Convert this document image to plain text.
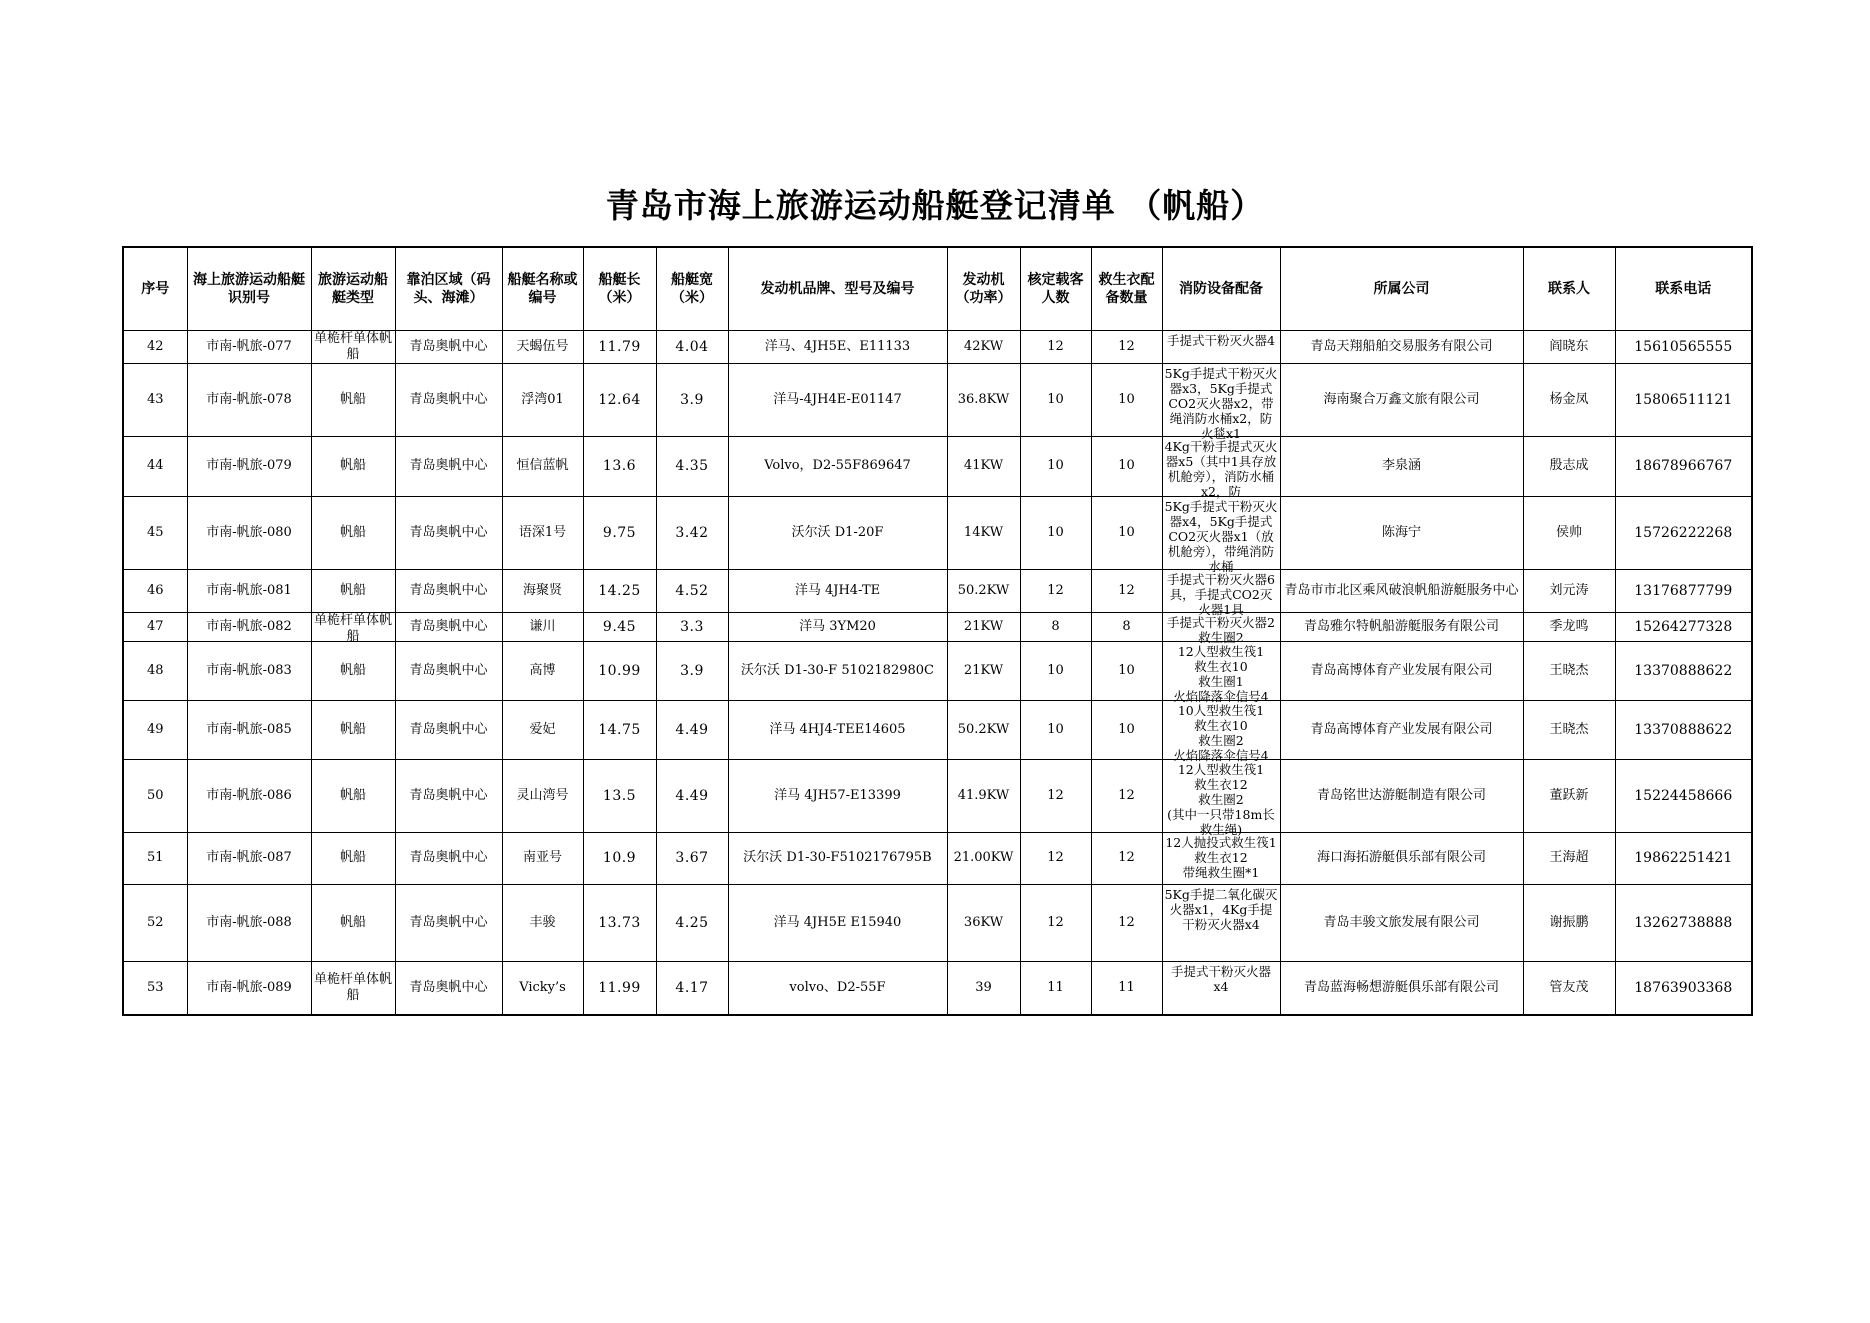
青岛市海上旅游运动船艇登记清单 （帆船）
序号	海上旅游运动船艇识别号	旅游运动船艇类型	靠泊区域（码头、海滩）	船艇名称或编号	船艇长（米）	船艇宽（米）	发动机品牌、型号及编号	发动机（功率）	核定载客人数	救生衣配备数量	消防设备配备	所属公司	联系人	联系电话

42	市南-帆旅-077	单桅杆单体帆船	青岛奥帆中心	天蝎伍号	11.79	4.04	洋马、4JH5E、E11133	42KW	12	12	手提式干粉灭火器4	青岛天翔船舶交易服务有限公司	阎晓东	15610565555

43	市南-帆旅-078	帆船	青岛奥帆中心	浮湾01	12.64	3.9	洋马-4JH4E-E01147	36.8KW	10	10	5Kg手提式干粉灭火器x3，5Kg手提式CO2灭火器x2，带绳消防水桶x2，防火毯x1	海南聚合万鑫文旅有限公司	杨金凤	15806511121

44	市南-帆旅-079	帆船	青岛奥帆中心	恒信蓝帆	13.6	4.35	Volvo，D2-55F869647	41KW	10	10	4Kg干粉手提式灭火器x5（其中1具存放机舱旁），消防水桶x2，防	李泉涵	殷志成	18678966767

45	市南-帆旅-080	帆船	青岛奥帆中心	语深1号	9.75	3.42	沃尔沃 D1-20F	14KW	10	10	5Kg手提式干粉灭火器x4，5Kg手提式CO2灭火器x1（放机舱旁），带绳消防水桶	陈海宁	侯帅	15726222268

46	市南-帆旅-081	帆船	青岛奥帆中心	海聚贤	14.25	4.52	洋马 4JH4-TE	50.2KW	12	12	手提式干粉灭火器6具，手提式CO2灭火器1具	青岛市市北区乘风破浪帆船游艇服务中心	刘元涛	13176877799

47	市南-帆旅-082	单桅杆单体帆船	青岛奥帆中心	谦川	9.45	3.3	洋马 3YM20	21KW	8	8	手提式干粉灭火器2救生圈2	青岛雅尔特帆船游艇服务有限公司	季龙鸣	15264277328

48	市南-帆旅-083	帆船	青岛奥帆中心	高博	10.99	3.9	沃尔沃 D1-30-F 5102182980C	21KW	10	10	12人型救生筏1
救生衣10
救生圈1
火焰降落伞信号4	青岛高博体育产业发展有限公司	王晓杰	13370888622

49	市南-帆旅-085	帆船	青岛奥帆中心	爱妃	14.75	4.49	洋马 4HJ4-TEE14605	50.2KW	10	10	10人型救生筏1
救生衣10
救生圈2
火焰降落伞信号4	青岛高博体育产业发展有限公司	王晓杰	13370888622

50	市南-帆旅-086	帆船	青岛奥帆中心	灵山湾号	13.5	4.49	洋马 4JH57-E13399	41.9KW	12	12	12人型救生筏1
救生衣12
救生圈2
(其中一只带18m长救生绳)	青岛铭世达游艇制造有限公司	董跃新	15224458666

51	市南-帆旅-087	帆船	青岛奥帆中心	南亚号	10.9	3.67	沃尔沃 D1-30-F5102176795B	21.00KW	12	12	12人抛投式救生筏1　救生衣12
带绳救生圈*1	海口海拓游艇俱乐部有限公司	王海超	19862251421

52	市南-帆旅-088	帆船	青岛奥帆中心	丰骏	13.73	4.25	洋马 4JH5E E15940	36KW	12	12	5Kg手提二氧化碳灭火器x1，4Kg手提干粉灭火器x4	青岛丰骏文旅发展有限公司	谢振鹏	13262738888

53	市南-帆旅-089	单桅杆单体帆船	青岛奥帆中心	Vicky’s	11.99	4.17	volvo、D2-55F	39	11	11	手提式干粉灭火器x4	青岛蓝海畅想游艇俱乐部有限公司	管友茂	18763903368
